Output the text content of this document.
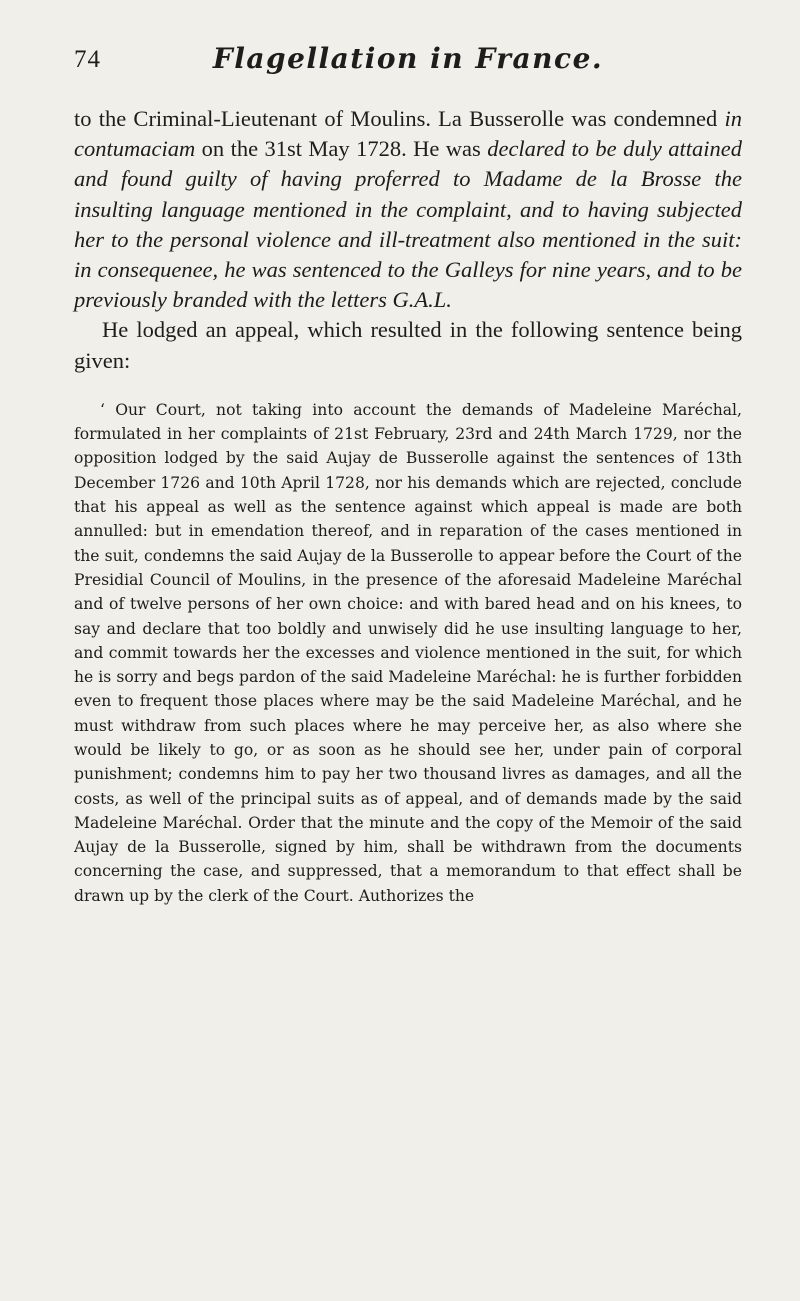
74	Flagellation in France.

to the Criminal-Lieutenant of Moulins. La Busserolle was condemned in contumaciam on the 31st May 1728. He was declared to be duly attained and found guilty of having proferred to Madame de la Brosse the insulting language mentioned in the complaint, and to having subjected her to the personal violence and ill-treatment also mentioned in the suit: in consequenee, he was sentenced to the Galleys for nine years, and to be previously branded with the letters G.A.L.

He lodged an appeal, which resulted in the following sentence being given:

‘ Our Court, not taking into account the demands of Madeleine Maréchal, formulated in her complaints of 21st February, 23rd and 24th March 1729, nor the opposition lodged by the said Aujay de Busserolle against the sentences of 13th December 1726 and 10th April 1728, nor his demands which are rejected, conclude that his appeal as well as the sentence against which appeal is made are both annulled: but in emendation thereof, and in reparation of the cases mentioned in the suit, condemns the said Aujay de la Busserolle to appear before the Court of the Presidial Council of Moulins, in the presence of the aforesaid Madeleine Maréchal and of twelve persons of her own choice: and with bared head and on his knees, to say and declare that too boldly and unwisely did he use insulting language to her, and commit towards her the excesses and violence mentioned in the suit, for which he is sorry and begs pardon of the said Madeleine Maréchal: he is further forbidden even to frequent those places where may be the said Madeleine Maréchal, and he must withdraw from such places where he may perceive her, as also where she would be likely to go, or as soon as he should see her, under pain of corporal punishment; condemns him to pay her two thousand livres as damages, and all the costs, as well of the principal suits as of appeal, and of demands made by the said Madeleine Maréchal. Order that the minute and the copy of the Memoir of the said Aujay de la Busserolle, signed by him, shall be withdrawn from the documents concerning the case, and suppressed, that a memorandum to that effect shall be drawn up by the clerk of the Court. Authorizes the
